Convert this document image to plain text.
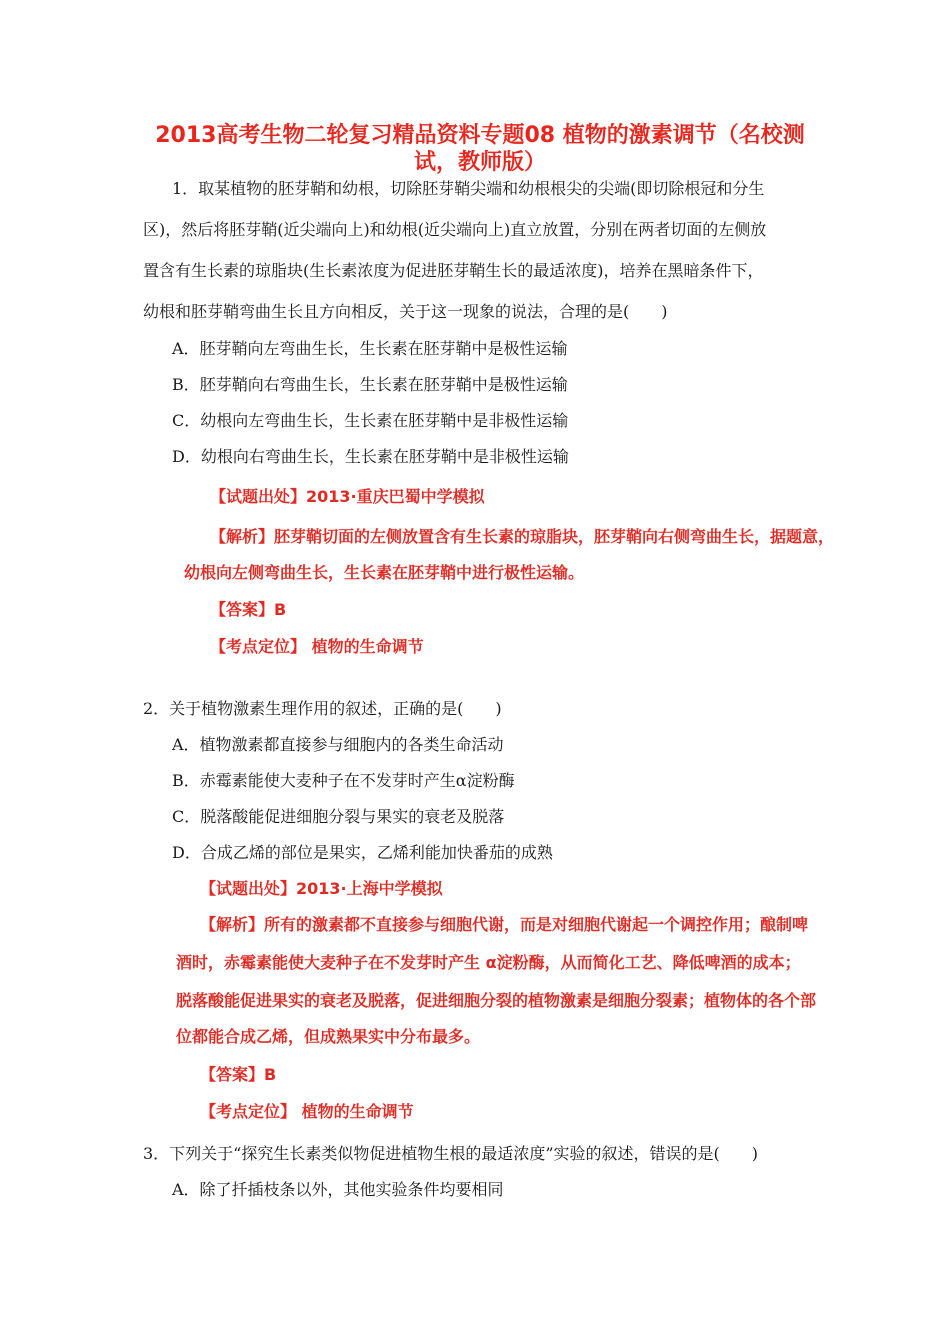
2013高考生物二轮复习精品资料专题08 植物的激素调节（名校测
试，教师版）
1．取某植物的胚芽鞘和幼根，切除胚芽鞘尖端和幼根根尖的尖端(即切除根冠和分生
区)，然后将胚芽鞘(近尖端向上)和幼根(近尖端向上)直立放置，分别在两者切面的左侧放
置含有生长素的琼脂块(生长素浓度为促进胚芽鞘生长的最适浓度)，培养在黑暗条件下，
幼根和胚芽鞘弯曲生长且方向相反，关于这一现象的说法，合理的是(　　)
A．胚芽鞘向左弯曲生长，生长素在胚芽鞘中是极性运输
B．胚芽鞘向右弯曲生长，生长素在胚芽鞘中是极性运输
C．幼根向左弯曲生长，生长素在胚芽鞘中是非极性运输
D．幼根向右弯曲生长，生长素在胚芽鞘中是非极性运输
【试题出处】2013·重庆巴蜀中学模拟
【解析】胚芽鞘切面的左侧放置含有生长素的琼脂块，胚芽鞘向右侧弯曲生长，据题意，
幼根向左侧弯曲生长，生长素在胚芽鞘中进行极性运输。
【答案】B
【考点定位】 植物的生命调节
2．关于植物激素生理作用的叙述，正确的是(　　)
A．植物激素都直接参与细胞内的各类生命活动
B．赤霉素能使大麦种子在不发芽时产生α淀粉酶
C．脱落酸能促进细胞分裂与果实的衰老及脱落
D．合成乙烯的部位是果实，乙烯利能加快番茄的成熟
【试题出处】2013·上海中学模拟
【解析】所有的激素都不直接参与细胞代谢，而是对细胞代谢起一个调控作用；酿制啤
酒时，赤霉素能使大麦种子在不发芽时产生 α淀粉酶，从而简化工艺、降低啤酒的成本；
脱落酸能促进果实的衰老及脱落，促进细胞分裂的植物激素是细胞分裂素；植物体的各个部
位都能合成乙烯，但成熟果实中分布最多。
【答案】B
【考点定位】 植物的生命调节
3．下列关于“探究生长素类似物促进植物生根的最适浓度”实验的叙述，错误的是(　　)
A．除了扦插枝条以外，其他实验条件均要相同
